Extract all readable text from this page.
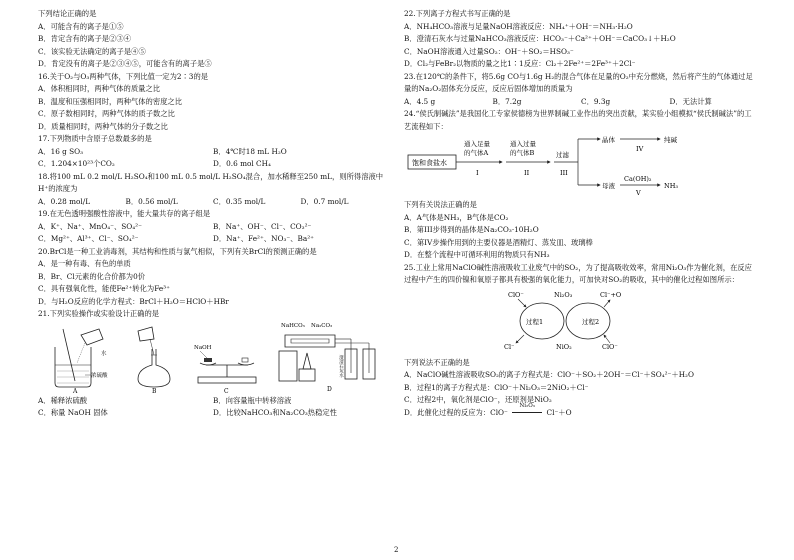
下列结论正确的是
A．可能含有的离子是①⑤
B．肯定含有的离子是②③④
C．该实验无法确定的离子是④⑤
D．肯定没有的离子是②③④⑤，可能含有的离子是⑤
16.关于O₂与O₃两种气体，下列比值一定为2∶3的是
A．体积相同时，两种气体的质量之比
B．温度和压强相同时，两种气体的密度之比
C．原子数相同时，两种气体的质子数之比
D．质量相同时，两种气体的分子数之比
17.下列物质中含原子总数最多的是
A．16 g SO₃	B．4℃时18 mL H₂O
C．1.204×10²³个CO₂	D．0.6 mol CH₄
18.将100 mL 0.2 mol/L H₂SO₄和100 mL 0.5 mol/L H₂SO₄混合，加水稀释至250 mL，则所得溶液中H⁺的浓度为
A．0.28 mol/L	B．0.56 mol/L	C．0.35 mol/L	D．0.7 mol/L
19.在无色透明强酸性溶液中，能大量共存的离子组是
A．K⁺、Na⁺、MnO₄⁻、SO₄²⁻	B．Na⁺、OH⁻、Cl⁻、CO₃²⁻
C．Mg²⁺、Al³⁺、Cl⁻、SO₄²⁻	D．Na⁺、Fe²⁺、NO₃⁻、Ba²⁺
20.BrCl是一种工业消毒剂，其结构和性质与氯气相似，下列有关BrCl的预测正确的是
A．是一种有毒、有色的单质
B．Br、Cl元素的化合价都为0价
C．具有强氧化性，能使Fe²⁺转化为Fe³⁺
D．与H₂O反应的化学方程式：BrCl＋H₂O＝HClO＋HBr
21.下列实验操作或实验设计正确的是
浓硫酸
水
A	B
NaOH
C
NaHCO₃ Na₂CO₃
澄清石灰水
D
A．稀释浓硫酸	B．向容量瓶中转移溶液
C．称量 NaOH 固体	D．比较NaHCO₃和Na₂CO₃热稳定性
22.下列离子方程式书写正确的是
A．NH₄HCO₃溶液与足量NaOH溶液反应：NH₄⁺＋OH⁻＝NH₃·H₂O
B．澄清石灰水与过量NaHCO₃溶液反应：HCO₃⁻＋Ca²⁺＋OH⁻＝CaCO₃↓＋H₂O
C．NaOH溶液通入过量SO₂：OH⁻＋SO₂＝HSO₃⁻
D．Cl₂与FeBr₂以物质的量之比1∶1反应：Cl₂＋2Fe²⁺＝2Fe³⁺＋2Cl⁻
23.在120℃的条件下，将5.6g CO与1.6g H₂的混合气体在足量的O₂中充分燃烧，然后将产生的气体通过足量的Na₂O₂固体充分反应，反应后固体增加的质量为
A．4.5 g	B．7.2g	C．9.3g	D．无法计算
24.“侯氏制碱法”是我国化工专家侯德榜为世界制碱工业作出的突出贡献，某实验小组模拟“侯氏制碱法”的工艺流程如下：
饱和食盐水
通入足量
的气体A
I
通入过量
的气体B
II
过滤
III
晶体
IV
纯碱
母液
Ca(OH)₂
V
NH₃
下列有关说法正确的是
A．A气体是NH₃，B气体是CO₂
B．第III步得到的晶体是Na₂CO₃·10H₂O
C．第IV步操作用到的主要仪器是酒精灯、蒸发皿、玻璃棒
D．在整个流程中可循环利用的物质只有NH₃
25.工业上常用NaClO碱性溶液吸收工业废气中的SO₂，为了提高吸收效率，常用Ni₂O₃作为催化剂，在反应过程中产生的四价镍和氧原子都具有极强的氧化能力，可加快对SO₂的吸收，其中的催化过程如图所示：
ClO⁻	Ni₂O₃	Cl⁻+O
过程1	过程2
Cl⁻	NiO₂	ClO⁻
下列说法不正确的是
A．NaClO碱性溶液吸收SO₂的离子方程式是：ClO⁻＋SO₂＋2OH⁻＝Cl⁻＋SO₄²⁻＋H₂O
B．过程1的离子方程式是：ClO⁻＋Ni₂O₃＝2NiO₂＋Cl⁻
C．过程2中，氧化剂是ClO⁻，还原剂是NiO₂
D．此催化过程的反应为：ClO⁻
Ni₂O₃
Cl⁻＋O
2
